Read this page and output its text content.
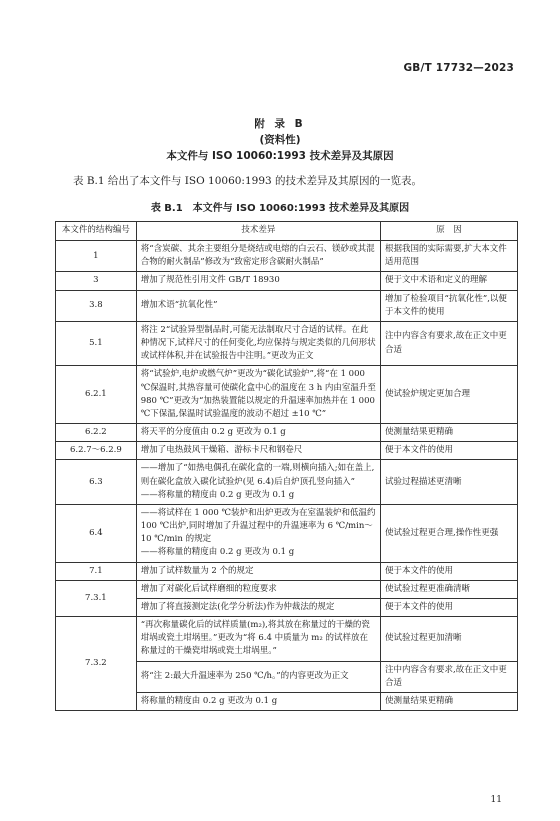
GB/T 17732—2023
附 录 B
(资料性)
本文件与 ISO 10060:1993 技术差异及其原因
表 B.1 给出了本文件与 ISO 10060:1993 的技术差异及其原因的一览表。
表 B.1　本文件与 ISO 10060:1993 技术差异及其原因
本文件的结构编号	技术差异	原　因
1	将“含炭碳、其余主要组分是烧结或电熔的白云石、镁砂或其混合物的耐火制品”修改为“致密定形含碳耐火制品”	根据我国的实际需要,扩大本文件适用范围
3	增加了规范性引用文件 GB/T 18930	便于文中术语和定义的理解
3.8	增加术语“抗氧化性”	增加了检验项目“抗氧化性”,以便于本文件的使用
5.1	将注 2“试验异型制品时,可能无法制取尺寸合适的试样。在此种情况下,试样尺寸的任何变化,均应保持与规定类似的几何形状或试样体积,并在试验报告中注明。”更改为正文	注中内容含有要求,故在正文中更合适
6.2.1	将“试验炉,电炉或燃气炉”更改为“碳化试验炉”,将“在 1 000 ℃保温时,其热容量可使碳化盒中心的温度在 3 h 内由室温升至 980 ℃”更改为“加热装置能以规定的升温速率加热并在 1 000 ℃下保温,保温时试验温度的波动不超过 ±10 ℃”	使试验炉规定更加合理
6.2.2	将天平的分度值由 0.2 g 更改为 0.1 g	使测量结果更精确
6.2.7～6.2.9	增加了电热鼓风干燥箱、游标卡尺和钢卷尺	便于本文件的使用
6.3	——增加了“如热电偶孔在碳化盒的一端,则横向插入;如在盖上,则在碳化盒放入碳化试验炉(见 6.4)后自炉顶孔竖向插入”
——将称量的精度由 0.2 g 更改为 0.1 g	试验过程描述更清晰
6.4	——将试样在 1 000 ℃装炉和出炉更改为在室温装炉和低温约 100 ℃出炉,同时增加了升温过程中的升温速率为 6 ℃/min～10 ℃/min 的规定
——将称量的精度由 0.2 g 更改为 0.1 g	使试验过程更合理,操作性更强
7.1	增加了试样数量为 2 个的规定	便于本文件的使用
7.3.1	增加了对碳化后试样磨细的粒度要求	使试验过程更准确清晰
	增加了将直接测定法(化学分析法)作为仲裁法的规定	便于本文件的使用
7.3.2	“再次称量碳化后的试样质量(m₂),将其放在称量过的干燥的瓷坩埚或瓷土坩埚里。”更改为“将 6.4 中质量为 m₂ 的试样放在称量过的干燥瓷坩埚或瓷土坩埚里。”	使试验过程更加清晰
	将“注 2:最大升温速率为 250 ℃/h。”的内容更改为正文	注中内容含有要求,故在正文中更合适
	将称量的精度由 0.2 g 更改为 0.1 g	使测量结果更精确
11
